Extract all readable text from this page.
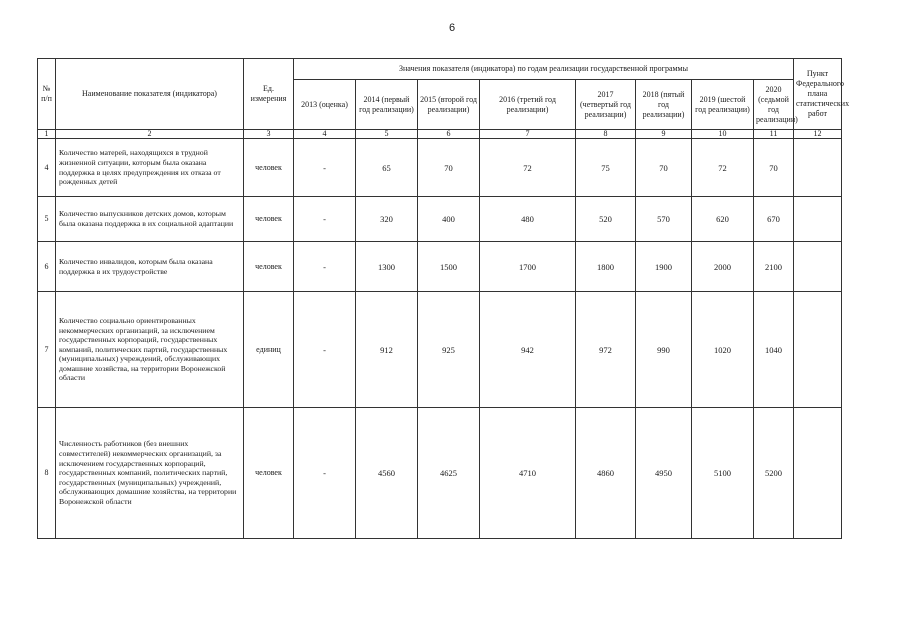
6
№ п/п	Наименование показателя (индикатора)	Ед. измерения	Значения показателя (индикатора) по годам реализации государственной программы								Пункт Федерального плана статистических работ
			2013 (оценка)	2014 (первый год реализации)	2015 (второй год реализации)	2016 (третий год реализации)	2017 (четвертый год реализации)	2018 (пятый год реализации)	2019 (шестой год реализации)	2020 (седьмой год реализации)	
1	2	3	4	5	6	7	8	9	10	11	12
4	Количество матерей, находящихся в трудной жизненной ситуации, которым была оказана поддержка в целях предупреждения их отказа от рожденных детей	человек	-	65	70	72	75	70	72	70	
5	Количество выпускников детских домов, которым была оказана поддержка в их социальной адаптации	человек	-	320	400	480	520	570	620	670	
6	Количество инвалидов, которым была оказана поддержка в их трудоустройстве	человек	-	1300	1500	1700	1800	1900	2000	2100	
7	Количество социально ориентированных некоммерческих организаций, за исключением государственных корпораций, государственных компаний, политических партий, государственных (муниципальных) учреждений, обслуживающих домашние хозяйства, на территории Воронежской области	единиц	-	912	925	942	972	990	1020	1040	
8	Численность работников (без внешних совместителей) некоммерческих организаций, за исключением государственных корпораций, государственных компаний, политических партий, государственных (муниципальных) учреждений, обслуживающих домашние хозяйства, на территории Воронежской области	человек	-	4560	4625	4710	4860	4950	5100	5200	
